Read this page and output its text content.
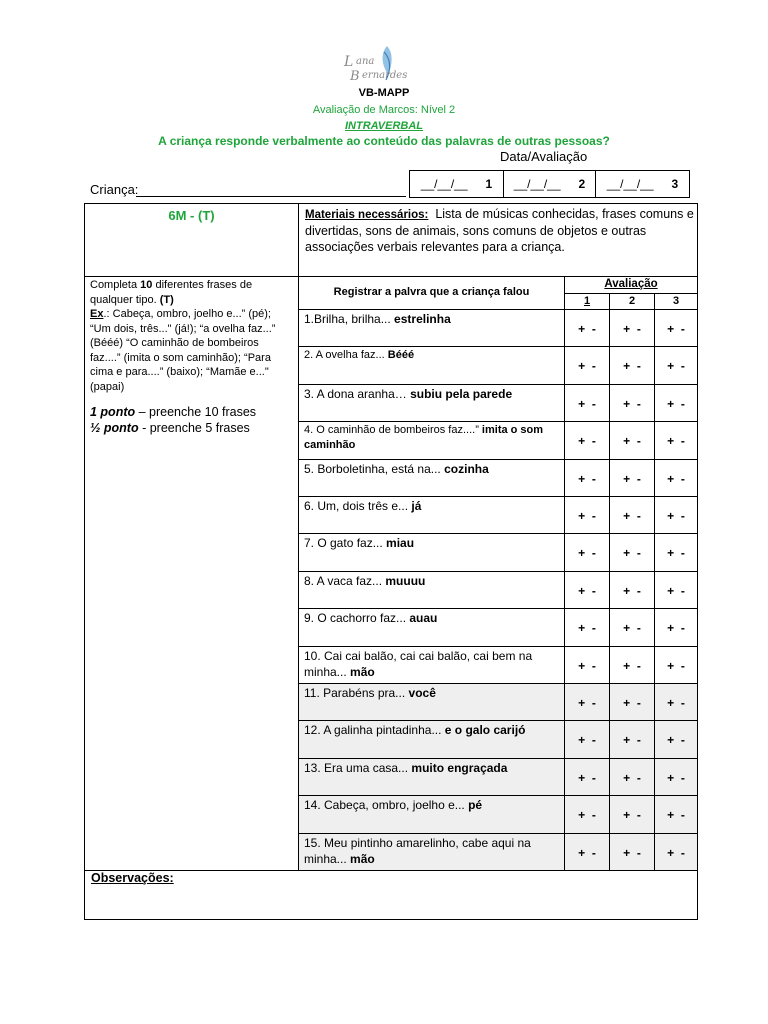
L ana
B ernardes
VB-MAPP
Avaliação de Marcos: Nível 2
INTRAVERBAL
A criança responde verbalmente ao conteúdo das palavras de outras pessoas?
Data/Avaliação
Criança:	__/__/__ 1 __/__/__ 2 __/__/__ 3
6M - (T)	Materiais necessários: Lista de músicas conhecidas, frases comuns e
divertidas, sons de animais, sons comuns de objetos e outras
associações verbais relevantes para a criança.
Completa 10 diferentes frases de
qualquer tipo. (T)
Ex.: Cabeça, ombro, joelho e...” (pé);
“Um dois, três..." (já!); “a ovelha faz...”
(Bééé) “O caminhão de bombeiros
faz....” (imita o som caminhão); “Para
cima e para....” (baixo); “Mamãe e..."
(papai)
1 ponto – preenche 10 frases
½ ponto - preenche 5 frases
Registrar a palvra que a criança falou
Avaliação
1	2	3
Observações:
1.Brilha, brilha... estrelinha
+  -	+  -	+  -
2. A ovelha faz... Bééé
+  -	+  -	+  -
3. A dona aranha… subiu pela parede
+  -	+  -	+  -
4. O caminhão de bombeiros faz....” imita o som
caminhão	+  -	+  -	+  -
5. Borboletinha, está na... cozinha
+  -	+  -	+  -
6. Um, dois três e... já
+  -	+  -	+  -
7. O gato faz... miau
+  -	+  -	+  -
8. A vaca faz... muuuu
+  -	+  -	+  -
9. O cachorro faz... auau
+  -	+  -	+  -
10. Cai cai balão, cai cai balão, cai bem na
minha... mão	+  -	+  -	+  -
11. Parabéns pra... você
+  -	+  -	+  -
12. A galinha pintadinha... e o galo carijó
+  -	+  -	+  -
13. Era uma casa... muito engraçada
+  -	+  -	+  -
14. Cabeça, ombro, joelho e... pé
+  -	+  -	+  -
15. Meu pintinho amarelinho, cabe aqui na
minha... mão	+  -	+  -	+  -
